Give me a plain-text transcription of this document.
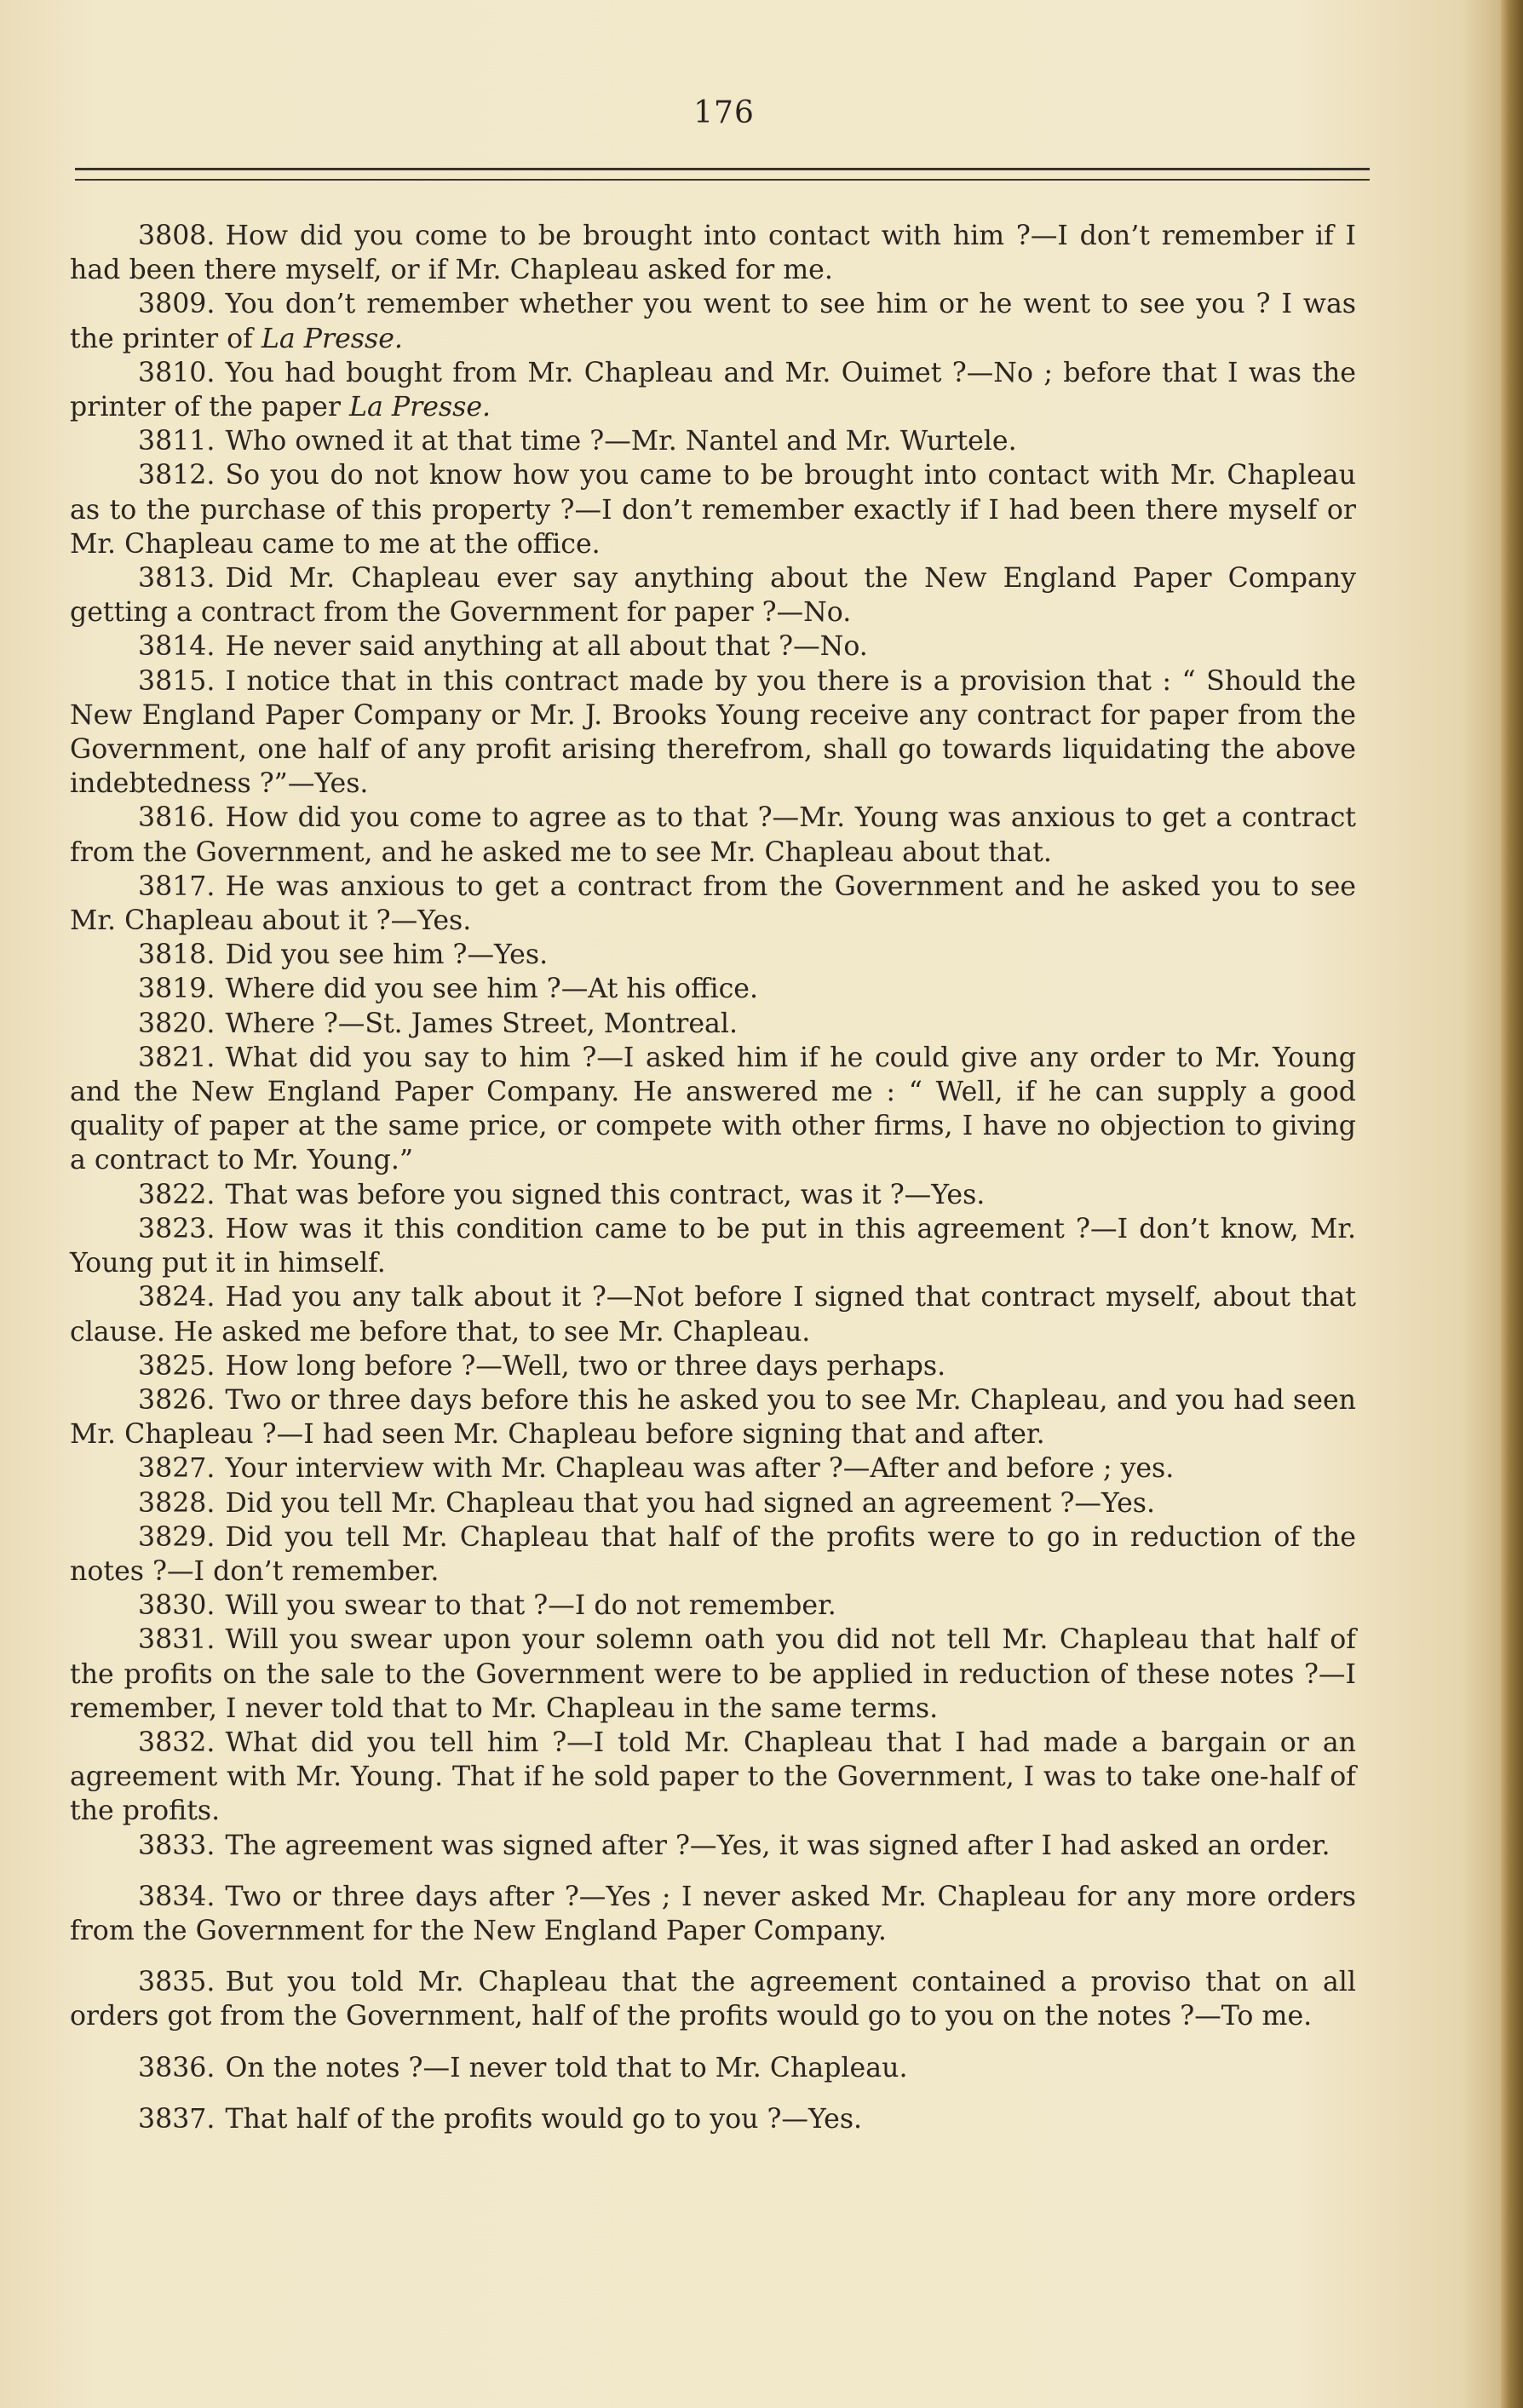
176

3808. How did you come to be brought into contact with him ?—I don’t remember if I had been there myself, or if Mr. Chapleau asked for me.

3809. You don’t remember whether you went to see him or he went to see you ? I was the printer of La Presse.

3810. You had bought from Mr. Chapleau and Mr. Ouimet ?—No ; before that I was the printer of the paper La Presse.

3811. Who owned it at that time ?—Mr. Nantel and Mr. Wurtele.

3812. So you do not know how you came to be brought into contact with Mr. Chapleau as to the purchase of this property ?—I don’t remember exactly if I had been there myself or Mr. Chapleau came to me at the office.

3813. Did Mr. Chapleau ever say anything about the New England Paper Company getting a contract from the Government for paper ?—No.

3814. He never said anything at all about that ?—No.

3815. I notice that in this contract made by you there is a provision that : “ Should the New England Paper Company or Mr. J. Brooks Young receive any contract for paper from the Government, one half of any profit arising therefrom, shall go towards liquidating the above indebtedness ?”—Yes.

3816. How did you come to agree as to that ?—Mr. Young was anxious to get a contract from the Government, and he asked me to see Mr. Chapleau about that.

3817. He was anxious to get a contract from the Government and he asked you to see Mr. Chapleau about it ?—Yes.

3818. Did you see him ?—Yes.

3819. Where did you see him ?—At his office.

3820. Where ?—St. James Street, Montreal.

3821. What did you say to him ?—I asked him if he could give any order to Mr. Young and the New England Paper Company. He answered me : “ Well, if he can supply a good quality of paper at the same price, or compete with other firms, I have no objection to giving a contract to Mr. Young.”

3822. That was before you signed this contract, was it ?—Yes.

3823. How was it this condition came to be put in this agreement ?—I don’t know, Mr. Young put it in himself.

3824. Had you any talk about it ?—Not before I signed that contract myself, about that clause. He asked me before that, to see Mr. Chapleau.

3825. How long before ?—Well, two or three days perhaps.

3826. Two or three days before this he asked you to see Mr. Chapleau, and you had seen Mr. Chapleau ?—I had seen Mr. Chapleau before signing that and after.

3827. Your interview with Mr. Chapleau was after ?—After and before ; yes.

3828. Did you tell Mr. Chapleau that you had signed an agreement ?—Yes.

3829. Did you tell Mr. Chapleau that half of the profits were to go in reduction of the notes ?—I don’t remember.

3830. Will you swear to that ?—I do not remember.

3831. Will you swear upon your solemn oath you did not tell Mr. Chapleau that half of the profits on the sale to the Government were to be applied in reduction of these notes ?—I remember, I never told that to Mr. Chapleau in the same terms.

3832. What did you tell him ?—I told Mr. Chapleau that I had made a bargain or an agreement with Mr. Young. That if he sold paper to the Government, I was to take one-half of the profits.

3833. The agreement was signed after ?—Yes, it was signed after I had asked an order.

3834. Two or three days after ?—Yes ; I never asked Mr. Chapleau for any more orders from the Government for the New England Paper Company.

3835. But you told Mr. Chapleau that the agreement contained a proviso that on all orders got from the Government, half of the profits would go to you on the notes ?—To me.

3836. On the notes ?—I never told that to Mr. Chapleau.

3837. That half of the profits would go to you ?—Yes.
